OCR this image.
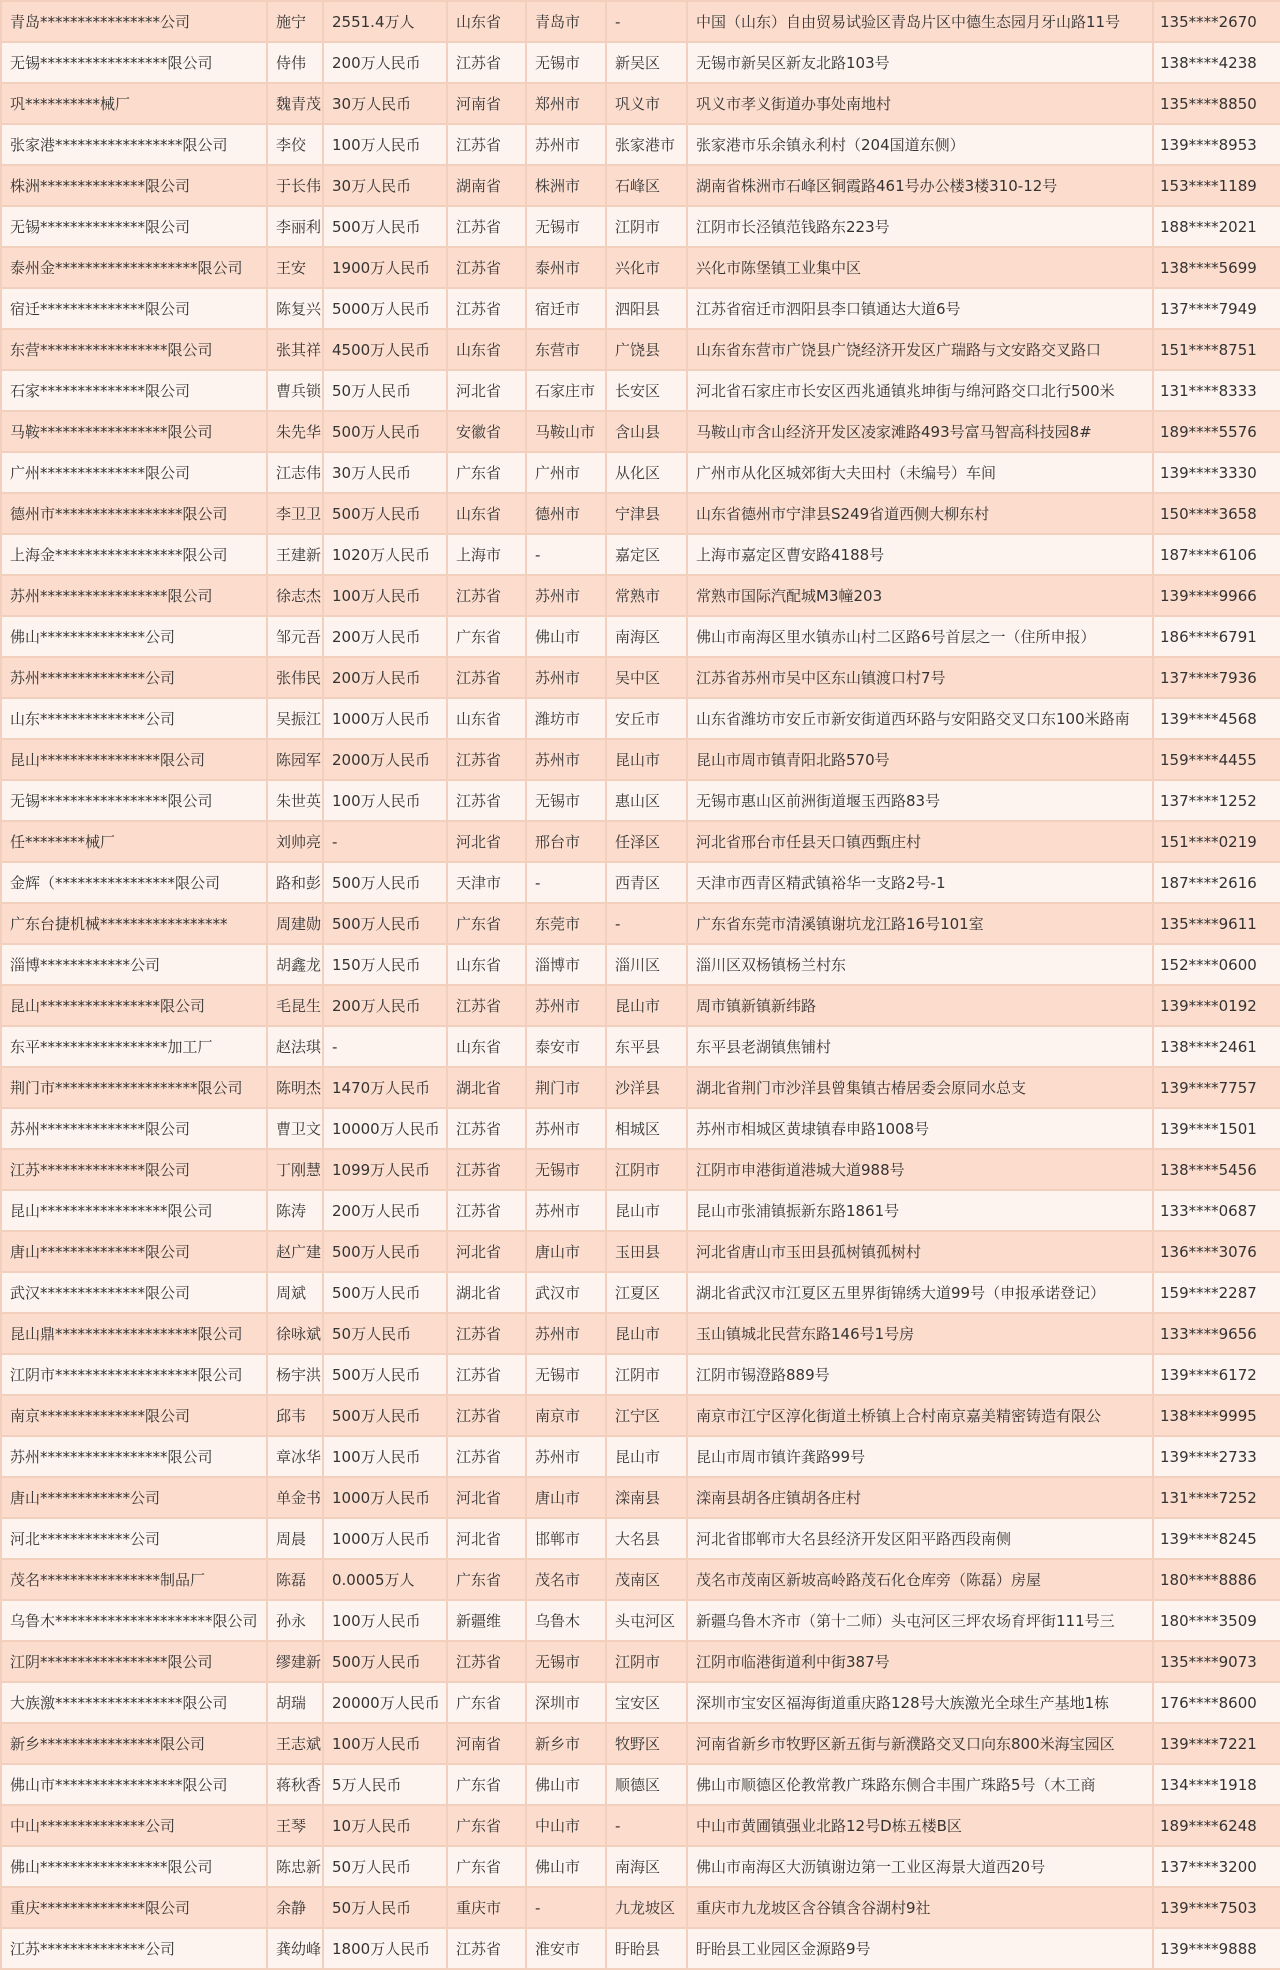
青岛****************公司	施宁	2551.4万人	山东省	青岛市	-	中国（山东）自由贸易试验区青岛片区中德生态园月牙山路11号	135****2670
无锡*****************限公司	侍伟	200万人民币	江苏省	无锡市	新吴区	无锡市新吴区新友北路103号	138****4238
巩**********械厂	魏青茂	30万人民币	河南省	郑州市	巩义市	巩义市孝义街道办事处南地村	135****8850
张家港*****************限公司	李佼	100万人民币	江苏省	苏州市	张家港市	张家港市乐余镇永利村（204国道东侧）	139****8953
株洲**************限公司	于长伟	30万人民币	湖南省	株洲市	石峰区	湖南省株洲市石峰区铜霞路461号办公楼3楼310-12号	153****1189
无锡**************限公司	李丽利	500万人民币	江苏省	无锡市	江阴市	江阴市长泾镇范钱路东223号	188****2021
泰州金*******************限公司	王安	1900万人民币	江苏省	泰州市	兴化市	兴化市陈堡镇工业集中区	138****5699
宿迁**************限公司	陈复兴	5000万人民币	江苏省	宿迁市	泗阳县	江苏省宿迁市泗阳县李口镇通达大道6号	137****7949
东营*****************限公司	张其祥	4500万人民币	山东省	东营市	广饶县	山东省东营市广饶县广饶经济开发区广瑞路与文安路交叉路口	151****8751
石家**************限公司	曹兵锁	50万人民币	河北省	石家庄市	长安区	河北省石家庄市长安区西兆通镇兆坤街与绵河路交口北行500米	131****8333
马鞍*****************限公司	朱先华	500万人民币	安徽省	马鞍山市	含山县	马鞍山市含山经济开发区凌家滩路493号富马智高科技园8#	189****5576
广州**************限公司	江志伟	30万人民币	广东省	广州市	从化区	广州市从化区城郊街大夫田村（未编号）车间	139****3330
德州市*****************限公司	李卫卫	500万人民币	山东省	德州市	宁津县	山东省德州市宁津县S249省道西侧大柳东村	150****3658
上海金*****************限公司	王建新	1020万人民币	上海市	-	嘉定区	上海市嘉定区曹安路4188号	187****6106
苏州*****************限公司	徐志杰	100万人民币	江苏省	苏州市	常熟市	常熟市国际汽配城M3幢203	139****9966
佛山**************公司	邹元吾	200万人民币	广东省	佛山市	南海区	佛山市南海区里水镇赤山村二区路6号首层之一（住所申报）	186****6791
苏州**************公司	张伟民	200万人民币	江苏省	苏州市	吴中区	江苏省苏州市吴中区东山镇渡口村7号	137****7936
山东**************公司	吴振江	1000万人民币	山东省	潍坊市	安丘市	山东省潍坊市安丘市新安街道西环路与安阳路交叉口东100米路南	139****4568
昆山****************限公司	陈园军	2000万人民币	江苏省	苏州市	昆山市	昆山市周市镇青阳北路570号	159****4455
无锡*****************限公司	朱世英	100万人民币	江苏省	无锡市	惠山区	无锡市惠山区前洲街道堰玉西路83号	137****1252
任********械厂	刘帅亮	-	河北省	邢台市	任泽区	河北省邢台市任县天口镇西甄庄村	151****0219
金辉（****************限公司	路和彭	500万人民币	天津市	-	西青区	天津市西青区精武镇裕华一支路2号-1	187****2616
广东台捷机械*****************	周建勋	500万人民币	广东省	东莞市	-	广东省东莞市清溪镇谢坑龙江路16号101室	135****9611
淄博************公司	胡鑫龙	150万人民币	山东省	淄博市	淄川区	淄川区双杨镇杨兰村东	152****0600
昆山****************限公司	毛昆生	200万人民币	江苏省	苏州市	昆山市	周市镇新镇新纬路	139****0192
东平*****************加工厂	赵法琪	-	山东省	泰安市	东平县	东平县老湖镇焦铺村	138****2461
荆门市*******************限公司	陈明杰	1470万人民币	湖北省	荆门市	沙洋县	湖北省荆门市沙洋县曾集镇古椿居委会原同水总支	139****7757
苏州**************限公司	曹卫文	10000万人民币	江苏省	苏州市	相城区	苏州市相城区黄埭镇春申路1008号	139****1501
江苏**************限公司	丁刚慧	1099万人民币	江苏省	无锡市	江阴市	江阴市申港街道港城大道988号	138****5456
昆山*****************限公司	陈涛	200万人民币	江苏省	苏州市	昆山市	昆山市张浦镇振新东路1861号	133****0687
唐山**************限公司	赵广建	500万人民币	河北省	唐山市	玉田县	河北省唐山市玉田县孤树镇孤树村	136****3076
武汉**************限公司	周斌	500万人民币	湖北省	武汉市	江夏区	湖北省武汉市江夏区五里界街锦绣大道99号（申报承诺登记）	159****2287
昆山鼎*******************限公司	徐咏斌	50万人民币	江苏省	苏州市	昆山市	玉山镇城北民营东路146号1号房	133****9656
江阴市*******************限公司	杨宇洪	500万人民币	江苏省	无锡市	江阴市	江阴市锡澄路889号	139****6172
南京**************限公司	邱韦	500万人民币	江苏省	南京市	江宁区	南京市江宁区淳化街道土桥镇上合村南京嘉美精密铸造有限公	138****9995
苏州*****************限公司	章冰华	100万人民币	江苏省	苏州市	昆山市	昆山市周市镇许龚路99号	139****2733
唐山************公司	单金书	1000万人民币	河北省	唐山市	滦南县	滦南县胡各庄镇胡各庄村	131****7252
河北************公司	周晨	1000万人民币	河北省	邯郸市	大名县	河北省邯郸市大名县经济开发区阳平路西段南侧	139****8245
茂名****************制品厂	陈磊	0.0005万人	广东省	茂名市	茂南区	茂名市茂南区新坡高岭路茂石化仓库旁（陈磊）房屋	180****8886
乌鲁木*********************限公司	孙永	100万人民币	新疆维	乌鲁木	头屯河区	新疆乌鲁木齐市（第十二师）头屯河区三坪农场育坪街111号三	180****3509
江阴*****************限公司	缪建新	500万人民币	江苏省	无锡市	江阴市	江阴市临港街道利中街387号	135****9073
大族激*****************限公司	胡瑞	20000万人民币	广东省	深圳市	宝安区	深圳市宝安区福海街道重庆路128号大族激光全球生产基地1栋	176****8600
新乡****************限公司	王志斌	100万人民币	河南省	新乡市	牧野区	河南省新乡市牧野区新五街与新濮路交叉口向东800米海宝园区	139****7221
佛山市*****************限公司	蒋秋香	5万人民币	广东省	佛山市	顺德区	佛山市顺德区伦教常教广珠路东侧合丰围广珠路5号（木工商	134****1918
中山**************公司	王琴	10万人民币	广东省	中山市	-	中山市黄圃镇强业北路12号D栋五楼B区	189****6248
佛山*****************限公司	陈忠新	50万人民币	广东省	佛山市	南海区	佛山市南海区大沥镇谢边第一工业区海景大道西20号	137****3200
重庆**************限公司	余静	50万人民币	重庆市	-	九龙坡区	重庆市九龙坡区含谷镇含谷湖村9社	139****7503
江苏**************公司	龚幼峰	1800万人民币	江苏省	淮安市	盱眙县	盱眙县工业园区金源路9号	139****9888
